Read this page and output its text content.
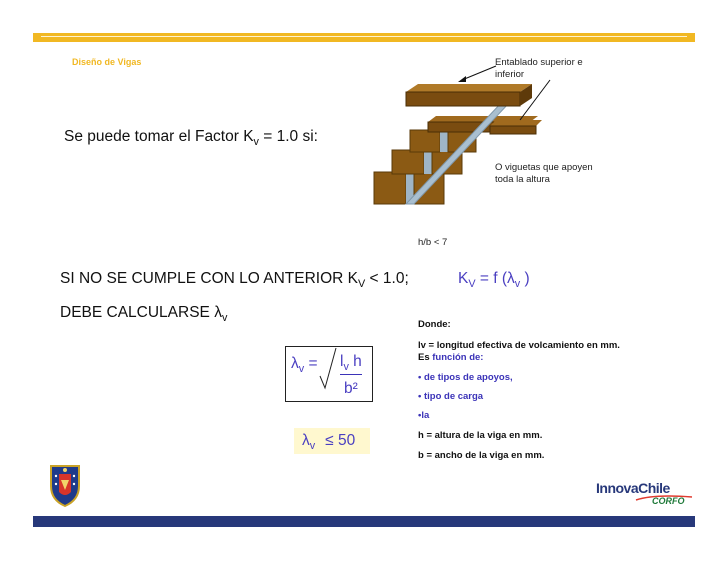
Diseño de Vigas	Entablado superior e
inferior
O viguetas que apoyen
toda la altura
h/b < 7
Se puede tomar el Factor $K_v = 1.0$ si:
SI NO SE CUMPLE CON LO ANTERIOR $K_V < 1.0$;	$K_V = f$ ($\lambda_v$ )
DEBE CALCULARSE $\lambda_v$
$\lambda_v = l_v$ h
b²
$\lambda_v \le 50$
Donde:
lv = longitud efectiva de volcamiento en mm.
Es función de:
• de tipos de apoyos,
• tipo de carga
•la
h = altura de la viga en mm.
b = ancho de la viga en mm.
InnovaChile
CORFO
